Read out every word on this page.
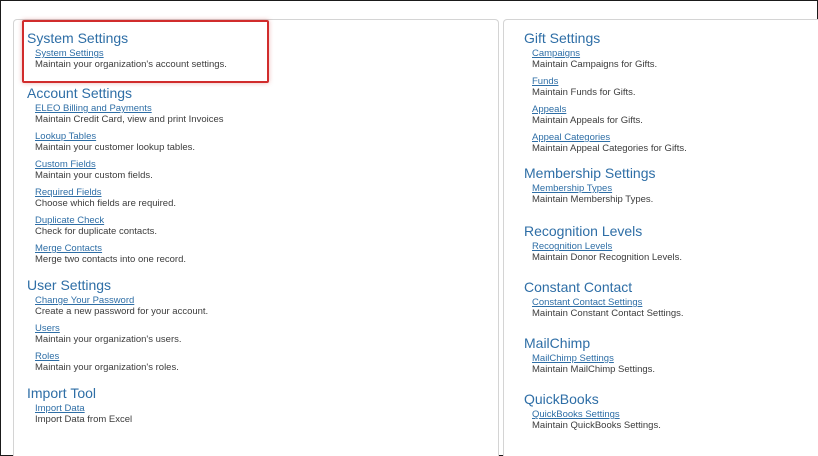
System Settings
System Settings
Maintain your organization's account settings.
Account Settings
ELEO Billing and Payments
Maintain Credit Card, view and print Invoices
Lookup Tables
Maintain your customer lookup tables.
Custom Fields
Maintain your custom fields.
Required Fields
Choose which fields are required.
Duplicate Check
Check for duplicate contacts.
Merge Contacts
Merge two contacts into one record.
User Settings
Change Your Password
Create a new password for your account.
Users
Maintain your organization's users.
Roles
Maintain your organization's roles.
Import Tool
Import Data
Import Data from Excel
Gift Settings
Campaigns
Maintain Campaigns for Gifts.
Funds
Maintain Funds for Gifts.
Appeals
Maintain Appeals for Gifts.
Appeal Categories
Maintain Appeal Categories for Gifts.
Membership Settings
Membership Types
Maintain Membership Types.
Recognition Levels
Recognition Levels
Maintain Donor Recognition Levels.
Constant Contact
Constant Contact Settings
Maintain Constant Contact Settings.
MailChimp
MailChimp Settings
Maintain MailChimp Settings.
QuickBooks
QuickBooks Settings
Maintain QuickBooks Settings.
